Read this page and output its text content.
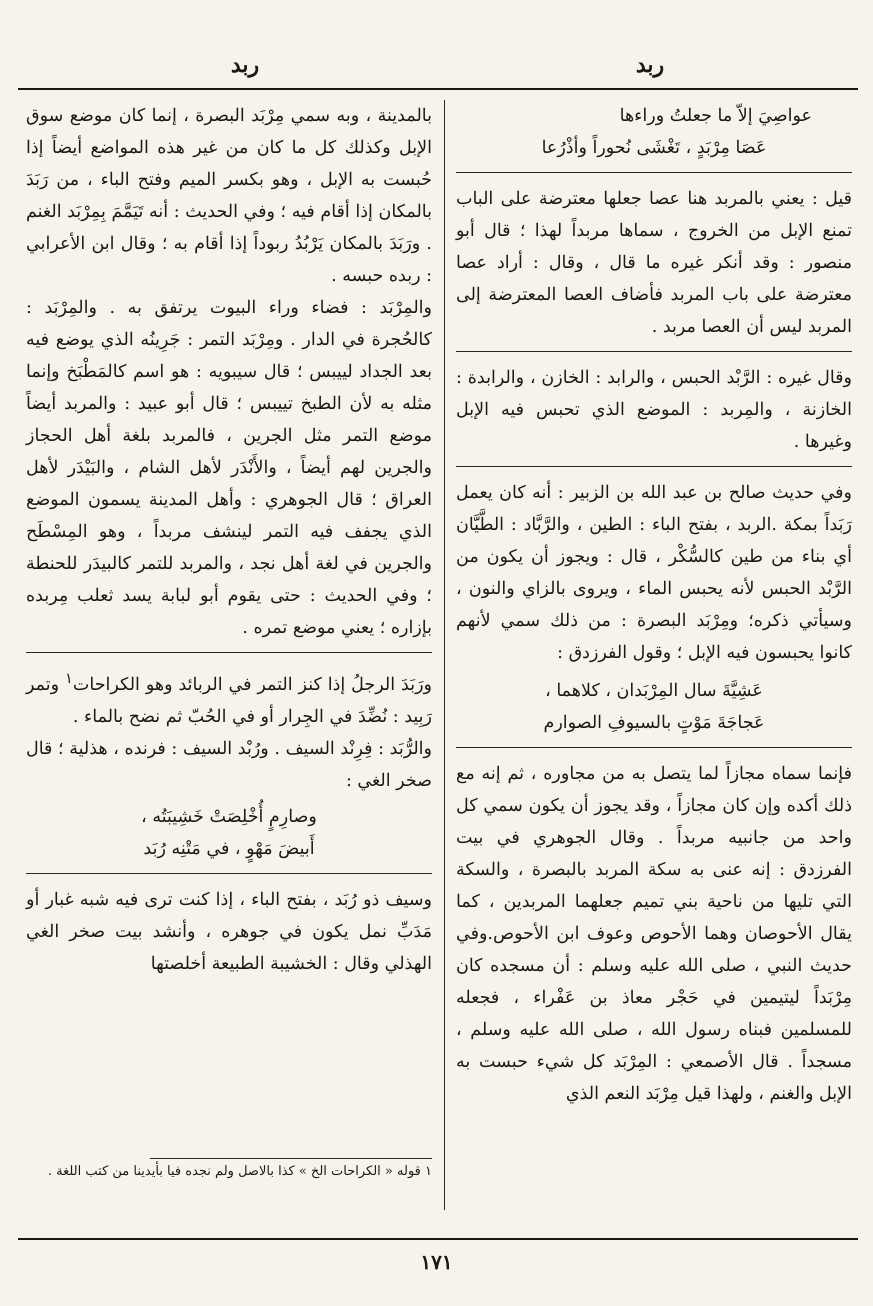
ربد
ربد
عواصِيَ إلاّ ما جعلتُ وراءها
عَصَا مِرْبَدٍ ، تَغْشَى نُحوراً وأذْرُعا

قيل : يعني بالمربد هنا عصا جعلها معترضة على الباب تمنع الإبل من الخروج ، سماها مربداً لهذا ؛ قال أبو منصور : وقد أنكر غيره ما قال ، وقال : أراد عصا معترضة على باب المربد فأضاف العصا المعترضة إلى المربد ليس أن العصا مربد .

وقال غيره : الرَّبْد الحبس ، والرابد : الخازن ، والرابدة : الخازنة ، والمِربد : الموضع الذي تحبس فيه الإبل وغيرها .

وفي حديث صالح بن عبد الله بن الزبير : أنه كان يعمل رَبَداً بمكة .الربد ، بفتح الباء : الطين ، والرَّبَّاد : الطَّيَّان أي بناء من طين كالسُّكْر ، قال : ويجوز أن يكون من الرَّبْد الحبس لأنه يحبس الماء ، ويروى بالزاي والنون ، وسيأتي ذكره؛ ومِرْبَد البصرة : من ذلك سمي لأنهم كانوا يحبسون فيه الإبل ؛ وقول الفرزدق :

عَشِيَّةَ سال المِرْبَدان ، كلاهما ،
عَجاجَةَ مَوْتٍ بالسيوفِ الصوارم

فإنما سماه مجازاً لما يتصل به من مجاوره ، ثم إنه مع ذلك أكده وإن كان مجازاً ، وقد يجوز أن يكون سمي كل واحد من جانبيه مربداً . وقال الجوهري في بيت الفرزدق : إنه عنى به سكة المربد بالبصرة ، والسكة التي تليها من ناحية بني تميم جعلهما المربدين ، كما يقال الأحوصان وهما الأحوص وعوف ابن الأحوص.وفي حديث النبي ، صلى الله عليه وسلم : أن مسجده كان مِرْبَداً ليتيمين في حَجْر معاذ بن عَفْراء ، فجعله للمسلمين فبناه رسول الله ، صلى الله عليه وسلم ، مسجداً . قال الأصمعي : المِرْبَد كل شيء حبست به الإبل والغنم ، ولهذا قيل مِرْبَد النعم الذي

بالمدينة ، وبه سمي مِرْبَد البصرة ، إنما كان موضع سوق الإبل وكذلك كل ما كان من غير هذه المواضع أيضاً إذا حُبست به الإبل ، وهو بكسر الميم وفتح الباء ، من رَبَدَ بالمكان إذا أقام فيه ؛ وفي الحديث : أنه تَيَمَّمَ بِمِرْبَد الغنم . ورَبَدَ بالمكان يَرْبُدُ ربوداً إذا أقام به ؛ وقال ابن الأعرابي : ربده حبسه .

والمِرْبَد : فضاء وراء البيوت يرتفق به . والمِرْبَد : كالحُجرة في الدار . ومِرْبَد التمر : جَرِينُه الذي يوضع فيه بعد الجداد لييبس ؛ قال سيبويه : هو اسم كالمَطْبَخ وإنما مثله به لأن الطبخ تييبس ؛ قال أبو عبيد : والمربد أيضاً موضع التمر مثل الجرين ، فالمربد بلغة أهل الحجاز والجرين لهم أيضاً ، والأَنْدَر لأهل الشام ، والبَيْدَر لأهل العراق ؛ قال الجوهري : وأهل المدينة يسمون الموضع الذي يجفف فيه التمر لينشف مربداً ، وهو المِسْطَح والجرين في لغة أهل نجد ، والمربد للتمر كالبيدَر للحنطة ؛ وفي الحديث : حتى يقوم أبو لبابة يسد ثعلب مِربده بإزاره ؛ يعني موضع تمره .

ورَبَدَ الرجلُ إذا كنز التمر في الربائد وهو الكراحات$^١$ وتمر رَبِيد : نُضِّدَ في الجِرار أو في الحُبّ ثم نضح بالماء .

والرُّبَد : فِرِنْد السيف . ورُبْد السيف : فرنده ، هذلية ؛ قال صخر الغي :

وصارِمٍ أُخْلِصَتْ خَشِيبَتُه ،
أَبيضَ مَهْوٍ ، في مَتْنِه رُبَد

وسيف ذو رُبَد ، بفتح الباء ، إذا كنت ترى فيه شبه غبار أو مَدَبِّ نمل يكون في جوهره ، وأنشد بيت صخر الغي الهذلي وقال : الخشيبة الطبيعة أخلصتها

١ قوله « الكراحات الخ » كذا بالاصل ولم نجده فيا بأيدينا من كتب اللغة .
١٧١
